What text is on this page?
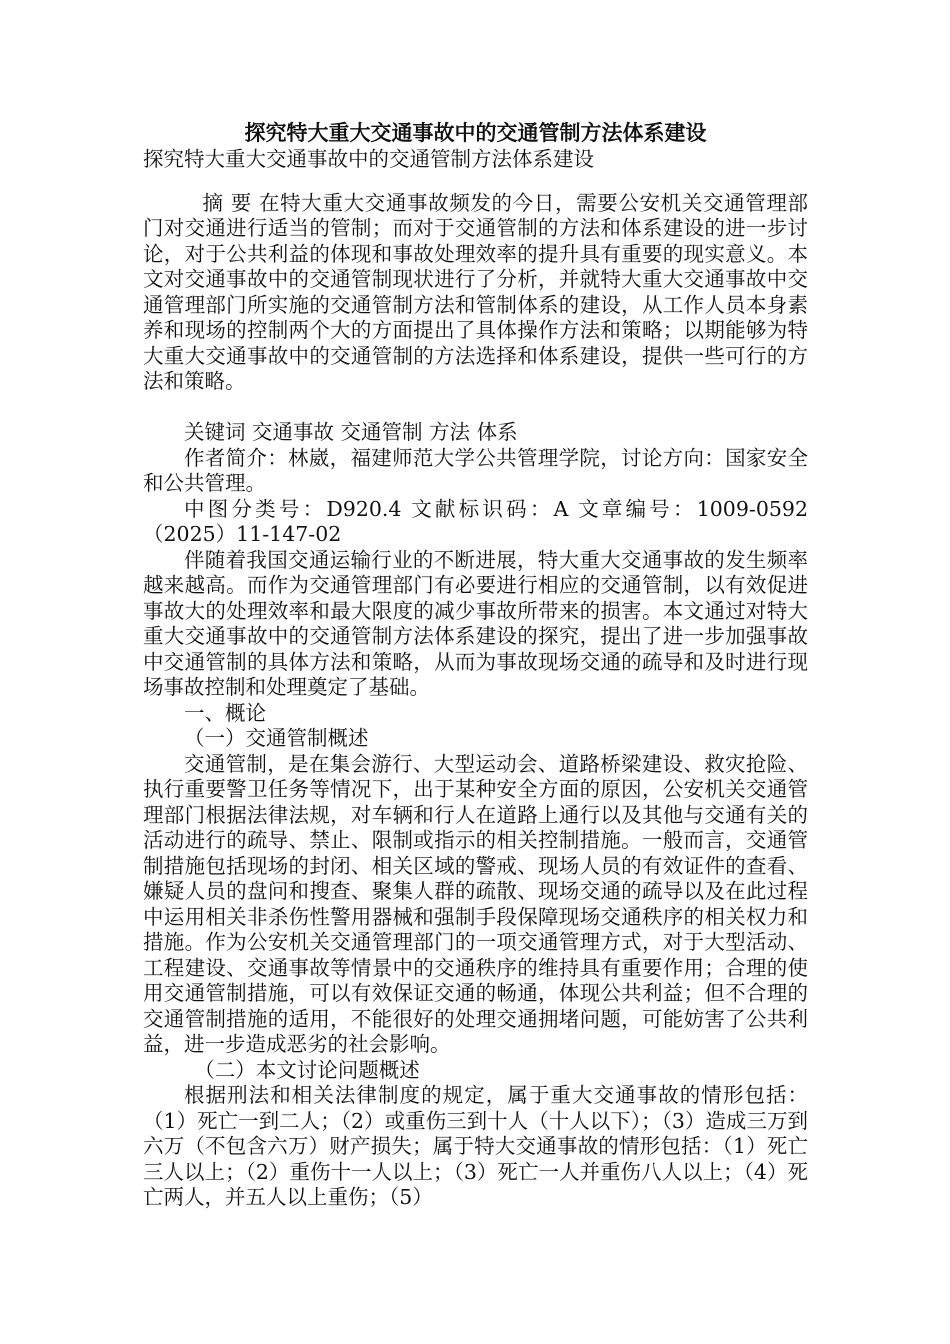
探究特大重大交通事故中的交通管制方法体系建设

探究特大重大交通事故中的交通管制方法体系建设

摘 要 在特大重大交通事故频发的今日，需要公安机关交通管理部门对交通进行适当的管制；而对于交通管制的方法和体系建设的进一步讨论，对于公共利益的体现和事故处理效率的提升具有重要的现实意义。本文对交通事故中的交通管制现状进行了分析，并就特大重大交通事故中交通管理部门所实施的交通管制方法和管制体系的建设，从工作人员本身素养和现场的控制两个大的方面提出了具体操作方法和策略；以期能够为特大重大交通事故中的交通管制的方法选择和体系建设，提供一些可行的方法和策略。

关键词 交通事故 交通管制 方法 体系

作者简介：林崴，福建师范大学公共管理学院，讨论方向：国家安全和公共管理。

中图分类号：D920.4 文献标识码：A 文章编号：1009-0592（2025）11-147-02

伴随着我国交通运输行业的不断进展，特大重大交通事故的发生频率越来越高。而作为交通管理部门有必要进行相应的交通管制，以有效促进事故大的处理效率和最大限度的减少事故所带来的损害。本文通过对特大重大交通事故中的交通管制方法体系建设的探究，提出了进一步加强事故中交通管制的具体方法和策略，从而为事故现场交通的疏导和及时进行现场事故控制和处理奠定了基础。

一、概论

（一）交通管制概述

交通管制，是在集会游行、大型运动会、道路桥梁建设、救灾抢险、执行重要警卫任务等情况下，出于某种安全方面的原因，公安机关交通管理部门根据法律法规，对车辆和行人在道路上通行以及其他与交通有关的活动进行的疏导、禁止、限制或指示的相关控制措施。一般而言，交通管制措施包括现场的封闭、相关区域的警戒、现场人员的有效证件的查看、嫌疑人员的盘问和搜查、聚集人群的疏散、现场交通的疏导以及在此过程中运用相关非杀伤性警用器械和强制手段保障现场交通秩序的相关权力和措施。作为公安机关交通管理部门的一项交通管理方式，对于大型活动、工程建设、交通事故等情景中的交通秩序的维持具有重要作用；合理的使用交通管制措施，可以有效保证交通的畅通，体现公共利益；但不合理的交通管制措施的适用，不能很好的处理交通拥堵问题，可能妨害了公共利益，进一步造成恶劣的社会影响。

（二）本文讨论问题概述

根据刑法和相关法律制度的规定，属于重大交通事故的情形包括：（1）死亡一到二人；（2）或重伤三到十人（十人以下）；（3）造成三万到六万（不包含六万）财产损失；属于特大交通事故的情形包括：（1）死亡三人以上；（2）重伤十一人以上；（3）死亡一人并重伤八人以上；（4）死亡两人，并五人以上重伤；（5）
